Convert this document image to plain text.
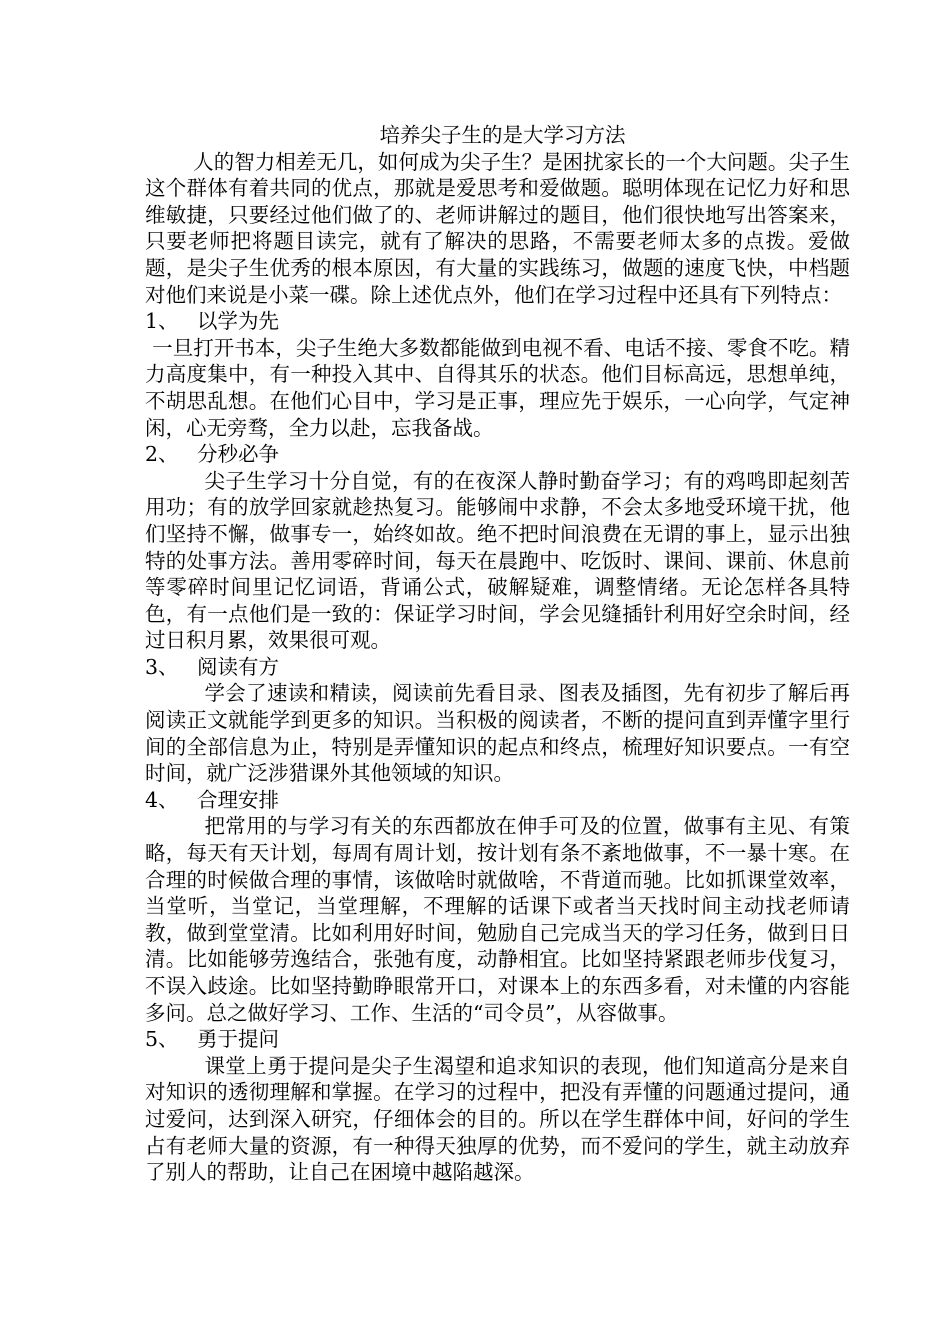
培养尖子生的是大学习方法

人的智力相差无几，如何成为尖子生？是困扰家长的一个大问题。尖子生这个群体有着共同的优点，那就是爱思考和爱做题。聪明体现在记忆力好和思维敏捷，只要经过他们做了的、老师讲解过的题目，他们很快地写出答案来，只要老师把将题目读完，就有了解决的思路，不需要老师太多的点拨。爱做题，是尖子生优秀的根本原因，有大量的实践练习，做题的速度飞快，中档题对他们来说是小菜一碟。除上述优点外，他们在学习过程中还具有下列特点：

1、 以学为先

一旦打开书本，尖子生绝大多数都能做到电视不看、电话不接、零食不吃。精力高度集中，有一种投入其中、自得其乐的状态。他们目标高远，思想单纯，不胡思乱想。在他们心目中，学习是正事，理应先于娱乐，一心向学，气定神闲，心无旁骛，全力以赴，忘我备战。

2、 分秒必争

尖子生学习十分自觉，有的在夜深人静时勤奋学习；有的鸡鸣即起刻苦用功；有的放学回家就趁热复习。能够闹中求静，不会太多地受环境干扰，他们坚持不懈，做事专一，始终如故。绝不把时间浪费在无谓的事上，显示出独特的处事方法。善用零碎时间，每天在晨跑中、吃饭时、课间、课前、休息前等零碎时间里记忆词语，背诵公式，破解疑难，调整情绪。无论怎样各具特色，有一点他们是一致的：保证学习时间，学会见缝插针利用好空余时间，经过日积月累，效果很可观。

3、 阅读有方

学会了速读和精读，阅读前先看目录、图表及插图，先有初步了解后再阅读正文就能学到更多的知识。当积极的阅读者，不断的提问直到弄懂字里行间的全部信息为止，特别是弄懂知识的起点和终点，梳理好知识要点。一有空时间，就广泛涉猎课外其他领域的知识。

4、 合理安排

把常用的与学习有关的东西都放在伸手可及的位置，做事有主见、有策略，每天有天计划，每周有周计划，按计划有条不紊地做事，不一暴十寒。在合理的时候做合理的事情，该做啥时就做啥，不背道而驰。比如抓课堂效率，当堂听，当堂记，当堂理解，不理解的话课下或者当天找时间主动找老师请教，做到堂堂清。比如利用好时间，勉励自己完成当天的学习任务，做到日日清。比如能够劳逸结合，张弛有度，动静相宜。比如坚持紧跟老师步伐复习，不误入歧途。比如坚持勤睁眼常开口，对课本上的东西多看，对未懂的内容能多问。总之做好学习、工作、生活的“司令员”，从容做事。

5、 勇于提问

课堂上勇于提问是尖子生渴望和追求知识的表现，他们知道高分是来自对知识的透彻理解和掌握。在学习的过程中，把没有弄懂的问题通过提问，通过爱问，达到深入研究，仔细体会的目的。所以在学生群体中间，好问的学生占有老师大量的资源，有一种得天独厚的优势，而不爱问的学生，就主动放弃了别人的帮助，让自己在困境中越陷越深。
